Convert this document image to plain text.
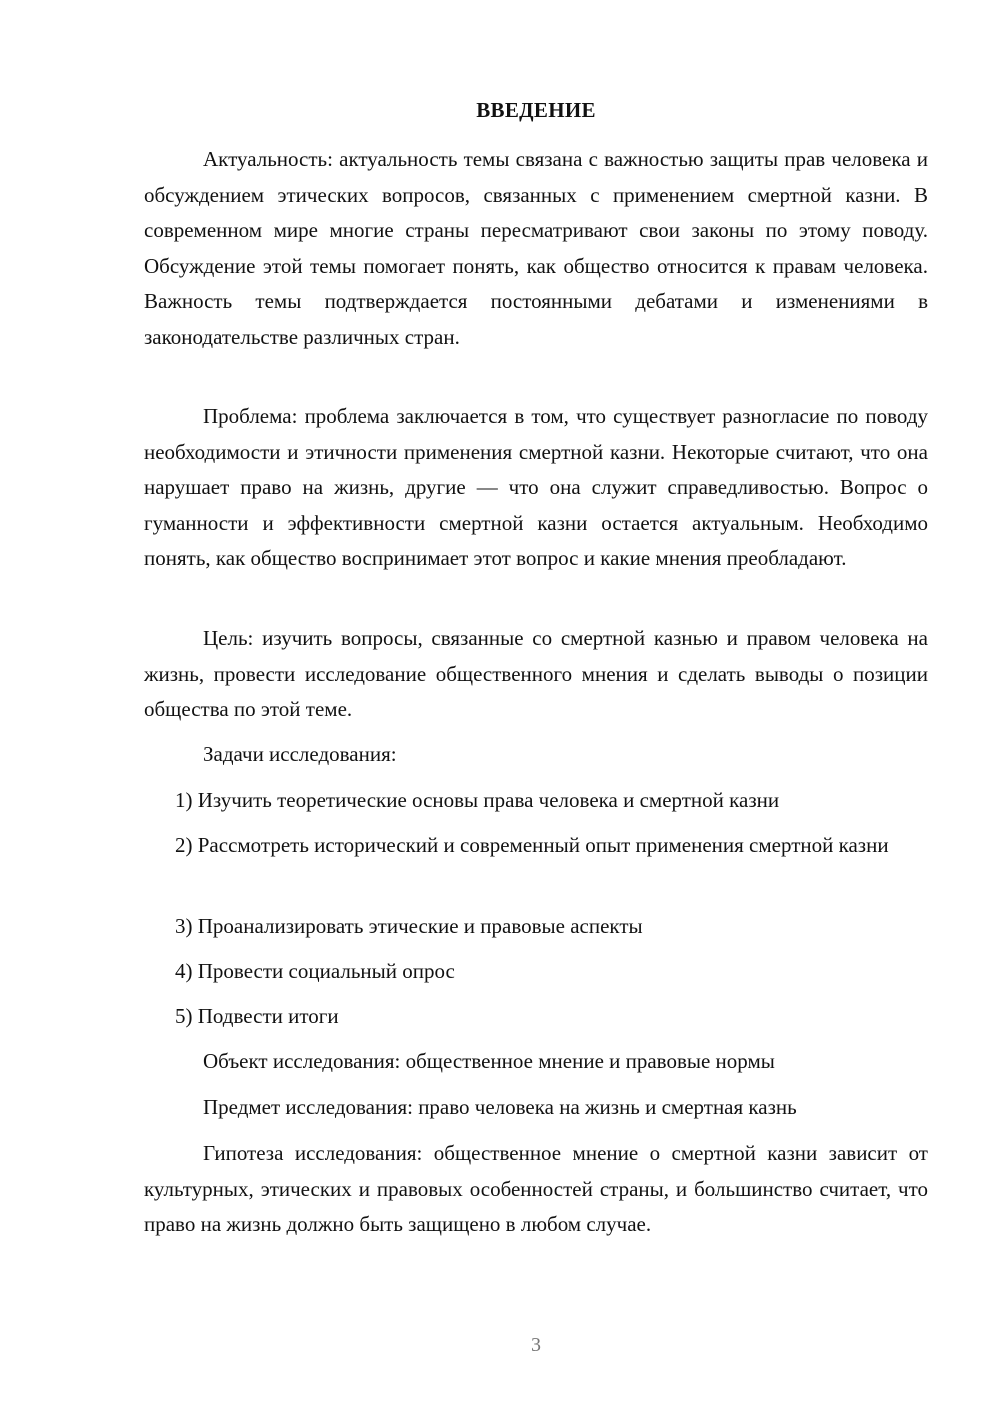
ВВЕДЕНИЕ

Актуальность: актуальность темы связана с важностью защиты прав человека и обсуждением этических вопросов, связанных с применением смертной казни. В современном мире многие страны пересматривают свои законы по этому поводу. Обсуждение этой темы помогает понять, как общество относится к правам человека. Важность темы подтверждается постоянными дебатами и изменениями в законодательстве различных стран.

Проблема: проблема заключается в том, что существует разногласие по поводу необходимости и этичности применения смертной казни. Некоторые считают, что она нарушает право на жизнь, другие — что она служит справедливостью. Вопрос о гуманности и эффективности смертной казни остается актуальным. Необходимо понять, как общество воспринимает этот вопрос и какие мнения преобладают.

Цель: изучить вопросы, связанные со смертной казнью и правом человека на жизнь, провести исследование общественного мнения и сделать выводы о позиции общества по этой теме.

Задачи исследования:

1) Изучить теоретические основы права человека и смертной казни

2) Рассмотреть исторический и современный опыт применения смертной казни

3) Проанализировать этические и правовые аспекты

4) Провести социальный опрос

5) Подвести итоги

Объект исследования: общественное мнение и правовые нормы

Предмет исследования: право человека на жизнь и смертная казнь

Гипотеза исследования: общественное мнение о смертной казни зависит от культурных, этических и правовых особенностей страны, и большинство считает, что право на жизнь должно быть защищено в любом случае.

3
